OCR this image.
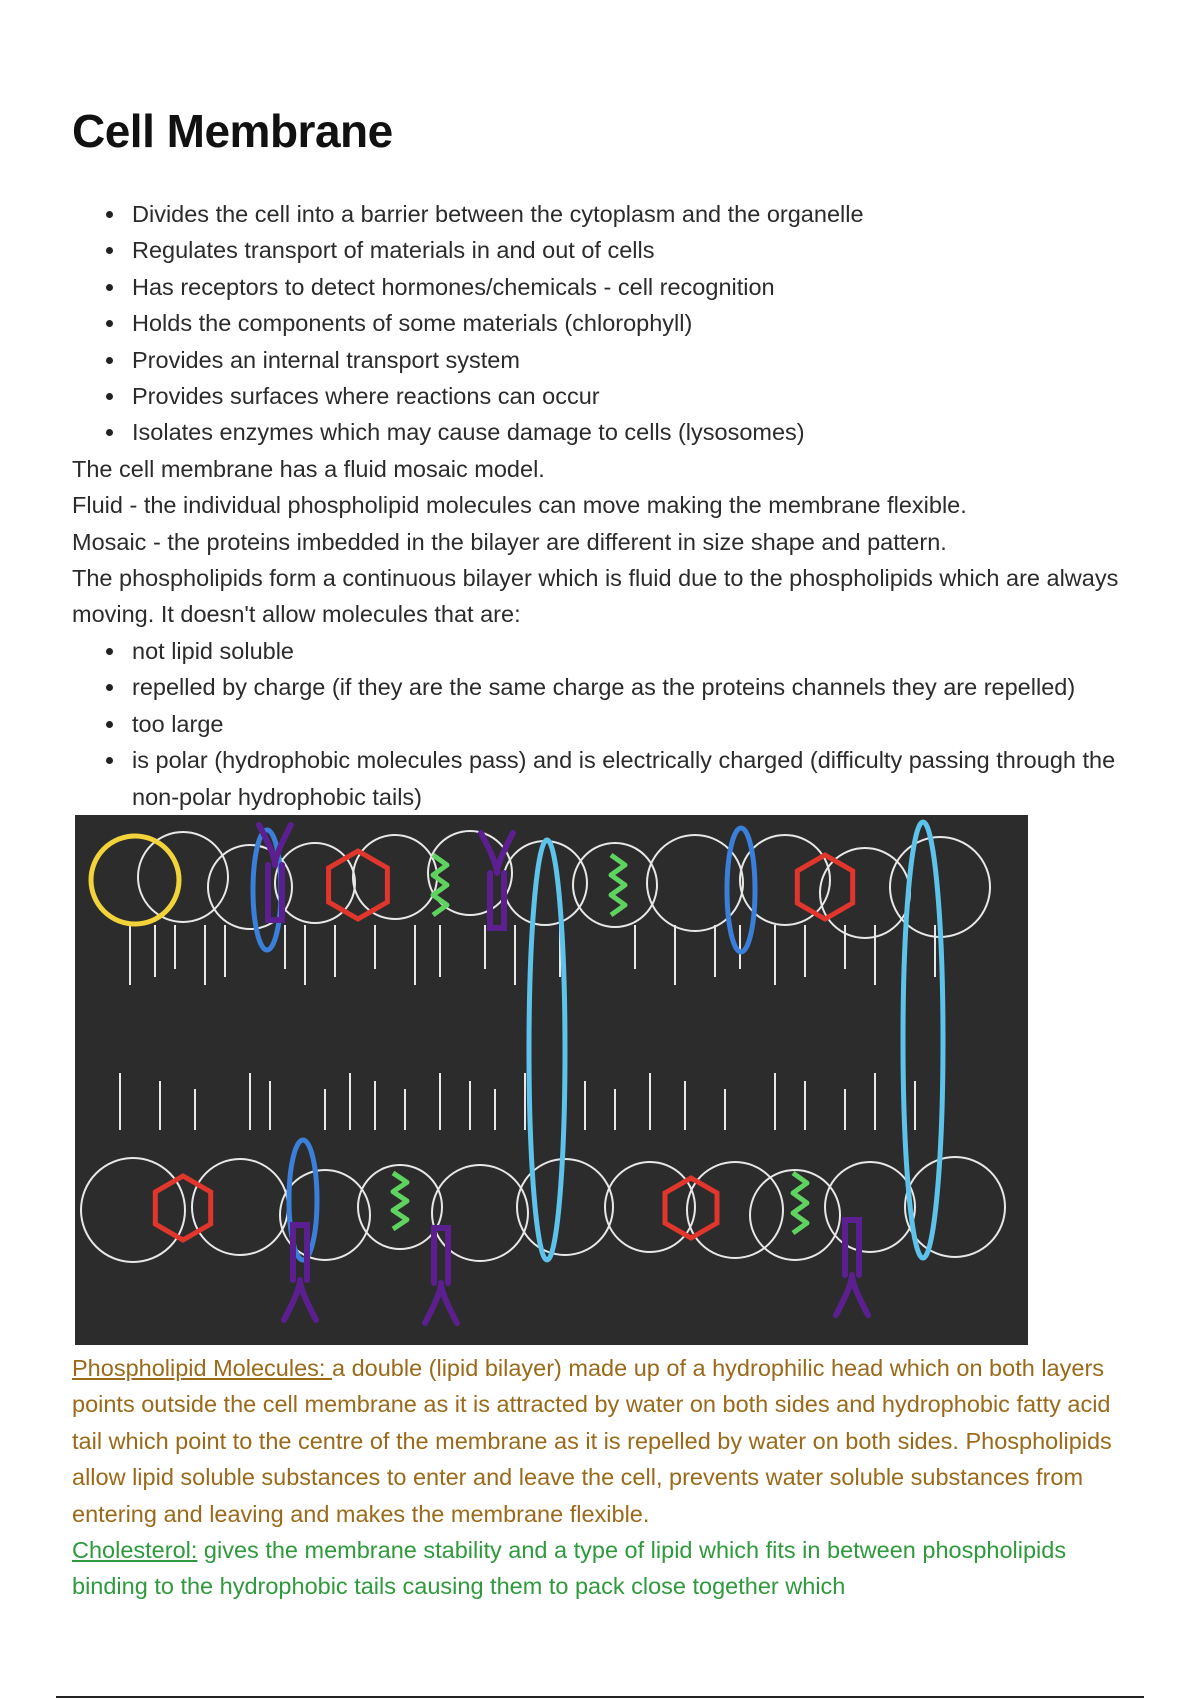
Cell Membrane
Divides the cell into a barrier between the cytoplasm and the organelle
Regulates transport of materials in and out of cells
Has receptors to detect hormones/chemicals - cell recognition
Holds the components of some materials (chlorophyll)
Provides an internal transport system
Provides surfaces where reactions can occur
Isolates enzymes which may cause damage to cells (lysosomes)

The cell membrane has a fluid mosaic model.

Fluid - the individual phospholipid molecules can move making the membrane flexible.

Mosaic - the proteins imbedded in the bilayer are different in size shape and pattern.

The phospholipids form a continuous bilayer which is fluid due to the phospholipids which are always moving. It doesn't allow molecules that are:

not lipid soluble
repelled by charge (if they are the same charge as the proteins channels they are repelled)
too large
is polar (hydrophobic molecules pass) and is electrically charged (difficulty passing through the non-polar hydrophobic tails)

Phospholipid Molecules: a double (lipid bilayer) made up of a hydrophilic head which on both layers points outside the cell membrane as it is attracted by water on both sides and hydrophobic fatty acid tail which point to the centre of the membrane as it is repelled by water on both sides. Phospholipids allow lipid soluble substances to enter and leave the cell, prevents water soluble substances from entering and leaving and makes the membrane flexible.

Cholesterol: gives the membrane stability and a type of lipid which fits in between phospholipids binding to the hydrophobic tails causing them to pack close together which
